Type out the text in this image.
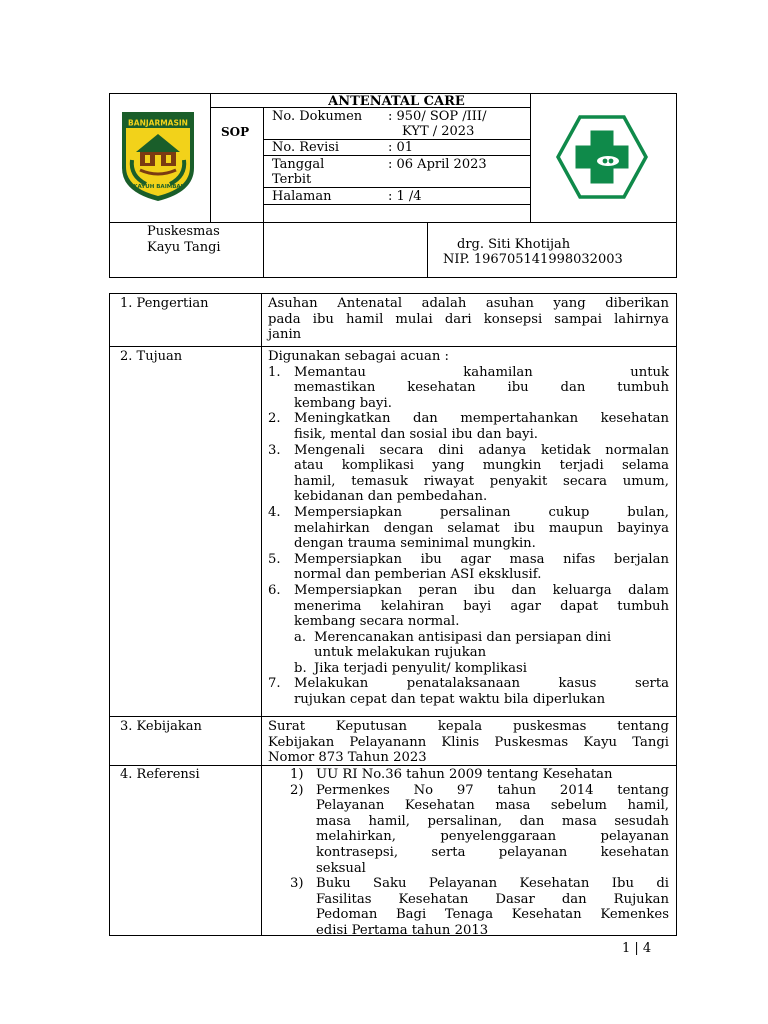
BANJARMASIN
KAYUH BAIMBAI
SOP
ANTENATAL CARE
No. Dokumen : 950/ SOP /III/
KYT / 2023
No. Revisi	: 01
Tanggal
Terbit
: 06 April 2023
Halaman	: 1 /4
Puskesmas
Kayu Tangi	drg. Siti Khotijah
NIP. 196705141998032003
1. Pengertian	Asuhan Antenatal adalah asuhan yang diberikan
pada ibu hamil mulai dari konsepsi sampai lahirnya
janin
2. Tujuan	Digunakan sebagai acuan :
1.	Memantau kahamilan untuk
memastikan kesehatan ibu dan tumbuh
kembang bayi.
2.	Meningkatkan dan mempertahankan kesehatan
fisik, mental dan sosial ibu dan bayi.
3.	Mengenali secara dini adanya ketidak normalan
atau komplikasi yang mungkin terjadi selama
hamil, temasuk riwayat penyakit secara umum,
kebidanan dan pembedahan.
4.	Mempersiapkan persalinan cukup bulan,
melahirkan dengan selamat ibu maupun bayinya
dengan trauma seminimal mungkin.
5.	Mempersiapkan ibu agar masa nifas berjalan
normal dan pemberian ASI eksklusif.
6.	Mempersiapkan peran ibu dan keluarga dalam
menerima kelahiran bayi agar dapat tumbuh
kembang secara normal.
a. Merencanakan antisipasi dan persiapan dini
untuk melakukan rujukan
b. Jika terjadi penyulit/ komplikasi
7.	Melakukan penatalaksanaan kasus serta
rujukan cepat dan tepat waktu bila diperlukan
3. Kebijakan	Surat Keputusan kepala puskesmas tentang
Kebijakan Pelayanann Klinis Puskesmas Kayu Tangi
Nomor 873 Tahun 2023
4. Referensi	1) UU RI No.36 tahun 2009 tentang Kesehatan
2) Permenkes No 97 tahun 2014 tentang
Pelayanan Kesehatan masa sebelum hamil,
masa hamil, persalinan, dan masa sesudah
melahirkan, penyelenggaraan pelayanan
kontrasepsi, serta pelayanan kesehatan
seksual
3) Buku Saku Pelayanan Kesehatan Ibu di
Fasilitas Kesehatan Dasar dan Rujukan
Pedoman Bagi Tenaga Kesehatan Kemenkes
edisi Pertama tahun 2013
1 | 4
